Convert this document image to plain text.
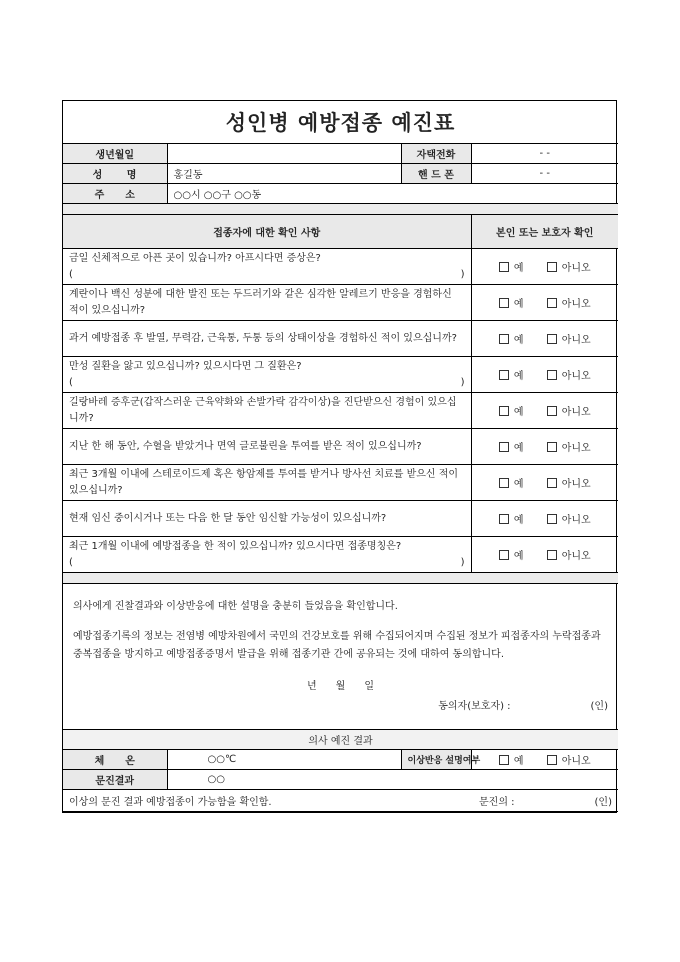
성인병 예방접종 예진표			
생년월일		자택전화	- -
성      명	홍길동	핸 드 폰	- -
주      소	○○시 ○○구 ○○동		

접종자에 대한 확인 사항			본인 또는 보호자 확인

금일 신체적으로 아픈 곳이 있습니까? 아프시다면 증상은?
( )			예 아니오

계란이나 백신 성분에 대한 발진 또는 두드러기와 같은 심각한 알레르기 반응을 경험하신 적이 있으십니까?			예 아니오

과거 예방접종 후 발열, 무력감, 근육통, 두통 등의 상태이상을 경험하신 적이 있으십니까?			예 아니오

만성 질환을 앓고 있으십니까? 있으시다면 그 질환은?
( )			예 아니오

길랑바레 증후군(갑작스러운 근육약화와 손발가락 감각이상)을 진단받으신 경험이 있으십니까?			예 아니오

지난 한 해 동안, 수혈을 받았거나 면역 글로불린을 투여를 받은 적이 있으십니까?			예 아니오

최근 3개월 이내에 스테로이드제 혹은 항암제를 투여를 받거나 방사선 치료를 받으신 적이 있으십니까?			예 아니오

현재 임신 중이시거나 또는 다음 한 달 동안 임신할 가능성이 있으십니까?			예 아니오

최근 1개월 이내에 예방접종을 한 적이 있으십니까? 있으시다면 접종명칭은?
( )			예 아니오

의사에게 진찰결과와 이상반응에 대한 설명을 충분히 들었음을 확인합니다.

예방접종기록의 정보는 전염병 예방차원에서 국민의 건강보호를 위해 수집되어지며 수집된 정보가 피접종자의 누락접종과 중복접종을 방지하고 예방접종증명서 발급을 위해 접종기관 간에 공유되는 것에 대하여 동의합니다.

년      월      일
동의자(보호자) : (인)			

의사 예진 결과			
체      온	○○℃	이상반응 설명여부	예 아니오
문진결과	○○		

이상의 문진 결과 예방접종이 가능함을 확인함. 문진의 : (인)			
